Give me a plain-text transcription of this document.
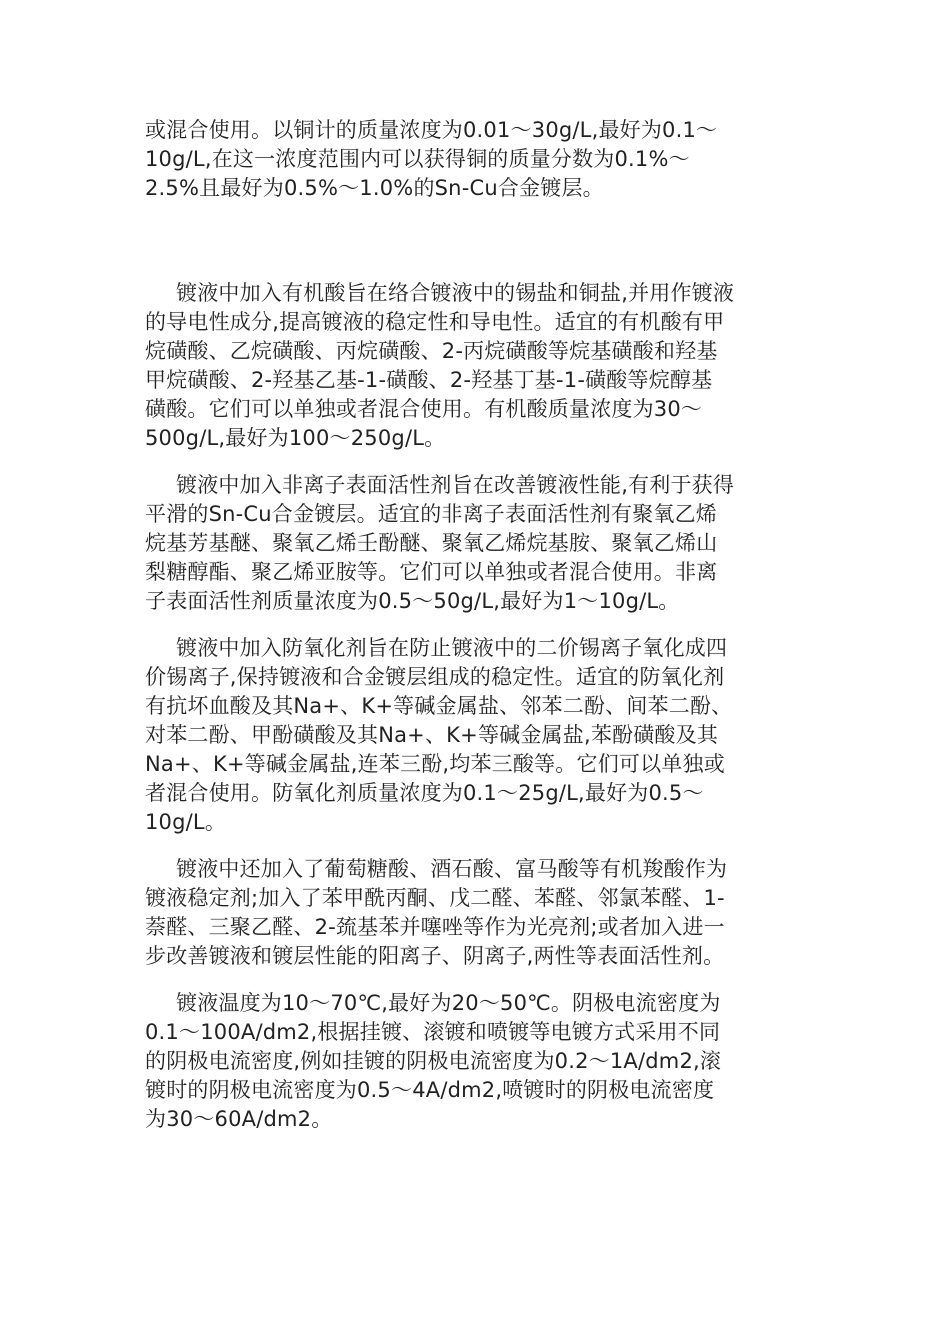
或混合使用。以铜计的质量浓度为0.01～30g/L,最好为0.1～
10g/L,在这一浓度范围内可以获得铜的质量分数为0.1%～
2.5%且最好为0.5%～1.0%的Sn-Cu合金镀层。

镀液中加入有机酸旨在络合镀液中的锡盐和铜盐,并用作镀液
的导电性成分,提高镀液的稳定性和导电性。适宜的有机酸有甲
烷磺酸、乙烷磺酸、丙烷磺酸、2-丙烷磺酸等烷基磺酸和羟基
甲烷磺酸、2-羟基乙基-1-磺酸、2-羟基丁基-1-磺酸等烷醇基
磺酸。它们可以单独或者混合使用。有机酸质量浓度为30～
500g/L,最好为100～250g/L。

镀液中加入非离子表面活性剂旨在改善镀液性能,有利于获得
平滑的Sn-Cu合金镀层。适宜的非离子表面活性剂有聚氧乙烯
烷基芳基醚、聚氧乙烯壬酚醚、聚氧乙烯烷基胺、聚氧乙烯山
梨糖醇酯、聚乙烯亚胺等。它们可以单独或者混合使用。非离
子表面活性剂质量浓度为0.5～50g/L,最好为1～10g/L。

镀液中加入防氧化剂旨在防止镀液中的二价锡离子氧化成四
价锡离子,保持镀液和合金镀层组成的稳定性。适宜的防氧化剂
有抗坏血酸及其Na+、K+等碱金属盐、邻苯二酚、间苯二酚、
对苯二酚、甲酚磺酸及其Na+、K+等碱金属盐,苯酚磺酸及其
Na+、K+等碱金属盐,连苯三酚,均苯三酸等。它们可以单独或
者混合使用。防氧化剂质量浓度为0.1～25g/L,最好为0.5～
10g/L。

镀液中还加入了葡萄糖酸、酒石酸、富马酸等有机羧酸作为
镀液稳定剂;加入了苯甲酰丙酮、戊二醛、苯醛、邻氯苯醛、1-
萘醛、三聚乙醛、2-巯基苯并噻唑等作为光亮剂;或者加入进一
步改善镀液和镀层性能的阳离子、阴离子,两性等表面活性剂。

镀液温度为10～70℃,最好为20～50℃。阴极电流密度为
0.1～100A/dm2,根据挂镀、滚镀和喷镀等电镀方式采用不同
的阴极电流密度,例如挂镀的阴极电流密度为0.2～1A/dm2,滚
镀时的阴极电流密度为0.5～4A/dm2,喷镀时的阴极电流密度
为30～60A/dm2。
